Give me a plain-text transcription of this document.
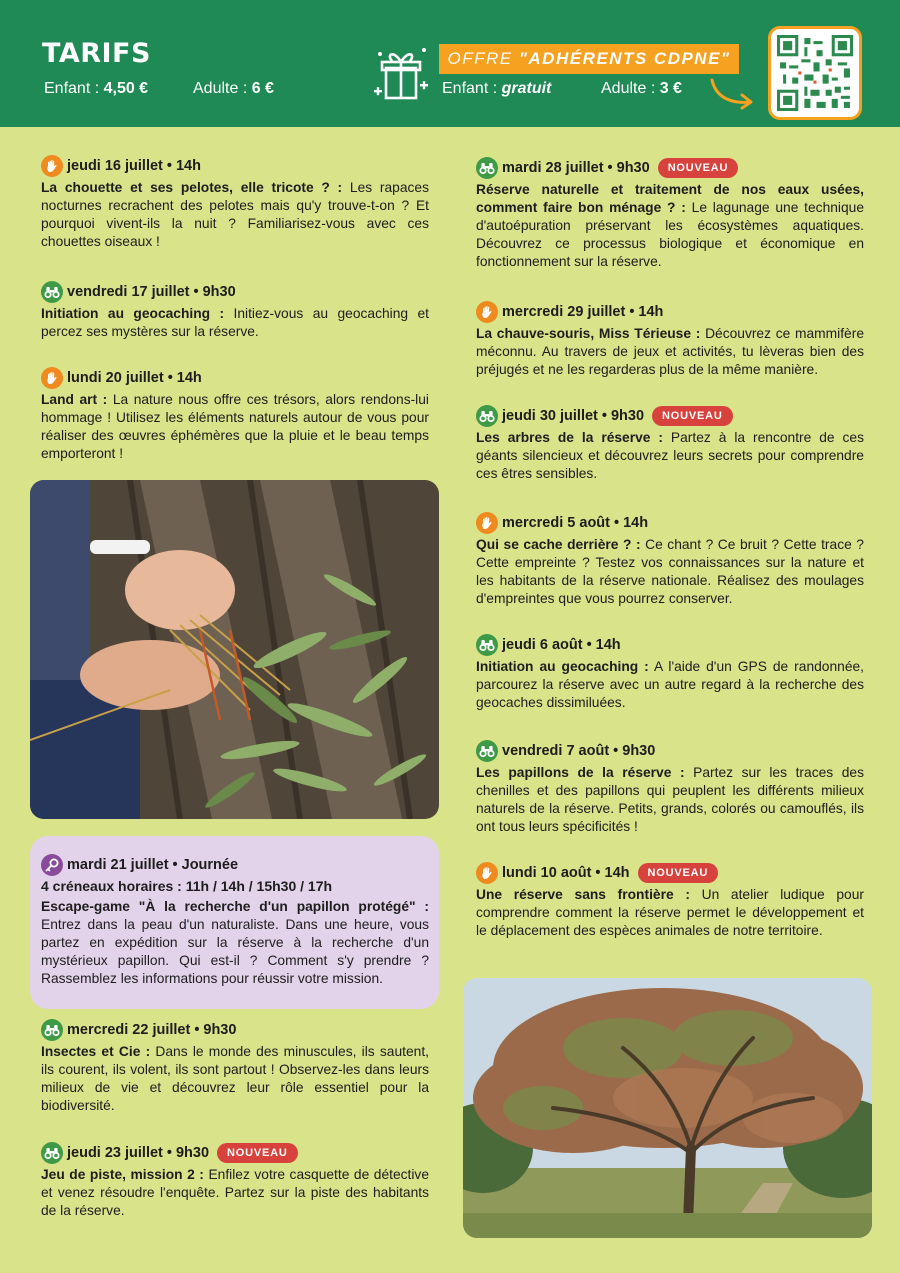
TARIFS
Enfant : 4,50 €	Adulte : 6 €
OFFRE
"ADHÉRENTS CDPNE"
Enfant : gratuit	Adulte : 3 €
jeudi 16 juillet • 14h
La chouette et ses pelotes, elle tricote ? : Les rapaces nocturnes recrachent des pelotes mais qu'y trouve-t-on ? Et pourquoi vivent-ils la nuit ? Familiarisez-vous avec ces chouettes oiseaux !
vendredi 17 juillet • 9h30
Initiation au geocaching : Initiez-vous au geocaching et percez ses mystères sur la réserve.
lundi 20 juillet • 14h
Land art : La nature nous offre ces trésors, alors rendons-lui hommage ! Utilisez les éléments naturels autour de vous pour réaliser des œuvres éphémères que la pluie et le beau temps emporteront !
mardi 21 juillet • Journée
4 créneaux horaires : 11h / 14h / 15h30 / 17h
Escape-game "À la recherche d'un papillon protégé" : Entrez dans la peau d'un naturaliste. Dans une heure, vous partez en expédition sur la réserve à la recherche d'un mystérieux papillon. Qui est-il ? Comment s'y prendre ? Rassemblez les informations pour réussir votre mission.
mercredi 22 juillet • 9h30
Insectes et Cie : Dans le monde des minuscules, ils sautent, ils courent, ils volent, ils sont partout ! Observez-les dans leurs milieux de vie et découvrez leur rôle essentiel pour la biodiversité.
jeudi 23 juillet • 9h30	NOUVEAU
Jeu de piste, mission 2 : Enfilez votre casquette de détective et venez résoudre l'enquête. Partez sur la piste des habitants de la réserve.
mardi 28 juillet • 9h30	NOUVEAU
Réserve naturelle et traitement de nos eaux usées, comment faire bon ménage ? : Le lagunage une technique d'autoépuration préservant les écosystèmes aquatiques. Découvrez ce processus biologique et économique en fonctionnement sur la réserve.
mercredi 29 juillet • 14h
La chauve-souris, Miss Térieuse : Découvrez ce mammifère méconnu. Au travers de jeux et activités, tu lèveras bien des préjugés et ne les regarderas plus de la même manière.
jeudi 30 juillet • 9h30	NOUVEAU
Les arbres de la réserve : Partez à la rencontre de ces géants silencieux et découvrez leurs secrets pour comprendre ces êtres sensibles.
mercredi 5 août • 14h
Qui se cache derrière ? : Ce chant ? Ce bruit ? Cette trace ? Cette empreinte ? Testez vos connaissances sur la nature et les habitants de la réserve nationale. Réalisez des moulages d'empreintes que vous pourrez conserver.
jeudi 6 août • 14h
Initiation au geocaching : A l'aide d'un GPS de randonnée, parcourez la réserve avec un autre regard à la recherche des geocaches dissimiluées.
vendredi 7 août • 9h30
Les papillons de la réserve : Partez sur les traces des chenilles et des papillons qui peuplent les différents milieux naturels de la réserve. Petits, grands, colorés ou camouflés, ils ont tous leurs spécificités !
lundi 10 août • 14h	NOUVEAU
Une réserve sans frontière : Un atelier ludique pour comprendre comment la réserve permet le développement et le déplacement des espèces animales de notre territoire.
